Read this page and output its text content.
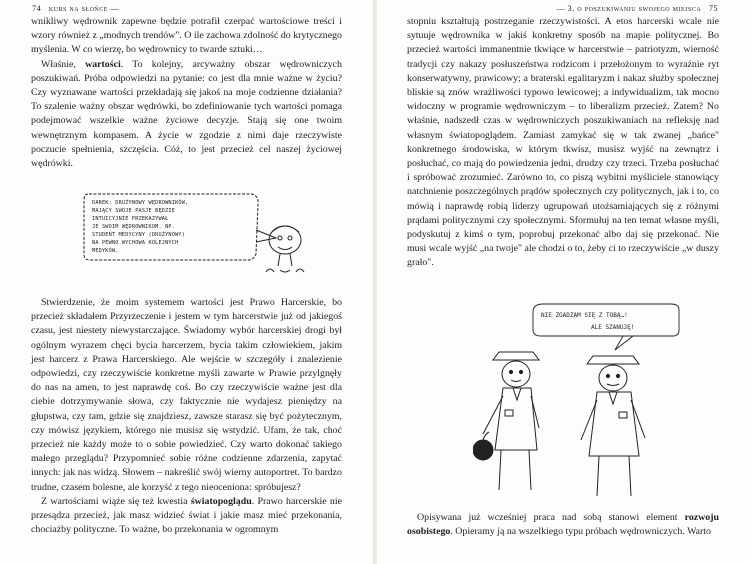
74 kurs na słońce —

wnikliwy wędrownik zapewne będzie potrafił czerpać wartościowe treści i wzory również z „modnych trendów". O ile zachowa zdolność do krytycznego myślenia. W co wierzę, bo wędrownicy to twarde sztuki…

Właśnie, wartości. To kolejny, arcyważny obszar wędrowniczych poszukiwań. Próba odpowiedzi na pytanie: co jest dla mnie ważne w życiu? Czy wyznawane wartości przekładają się jakoś na moje codzienne działania? To szalenie ważny obszar wędrówki, bo zdefiniowanie tych wartości pomaga podejmować wszelkie ważne życiowe decyzje. Stają się one twoim wewnętrznym kompasem. A życie w zgodzie z nimi daje rzeczywiste poczucie spełnienia, szczęścia. Cóż, to jest przecież cel naszej życiowej wędrówki.

DAREK: DRUŻYNOWY WĘDROWNIKÓW,
MAJĄCY SWOJE PASJE BĘDZIE
INTUICYJNIE PRZEKAZYWAŁ
JE SWOIM WĘDROWNIKOM. NP.
STUDENT MEDYCYNY (DRUŻYNOWY)
NA PEWNO WYCHOWA KOLEJNYCH
MEDYKÓW.

Stwierdzenie, że moim systemem wartości jest Prawo Harcerskie, bo przecież składałem Przyrzeczenie i jestem w tym harcerstwie już od jakiegoś czasu, jest niestety niewystarczające. Świadomy wybór harcerskiej drogi był ogólnym wyrazem chęci bycia harcerzem, bycia takim człowiekiem, jakim jest harcerz z Prawa Harcerskiego. Ale wejście w szczegóły i znalezienie odpowiedzi, czy rzeczywiście konkretne myśli zawarte w Prawie przylgnęły do nas na amen, to jest naprawdę coś. Bo czy rzeczywiście ważne jest dla ciebie dotrzymywanie słowa, czy faktycznie nie wydajesz pieniędzy na głupstwa, czy tam, gdzie się znajdziesz, zawsze starasz się być pożytecznym, czy mówisz językiem, którego nie musisz się wstydzić. Ufam, że tak, choć przecież nie każdy może to o sobie powiedzieć. Czy warto dokonać takiego małego przeglądu? Przypomnieć sobie różne codzienne zdarzenia, zapytać innych: jak nas widzą. Słowem – nakreślić swój wierny autoportret. To bardzo trudne, czasem bolesne, ale korzyść z tego nieoceniona: spróbujesz?

Z wartościami wiąże się też kwestia światopoglądu. Prawo harcerskie nie przesądza przecież, jak masz widzieć świat i jakie masz mieć przekonania, chociażby polityczne. To ważne, bo przekonania w ogromnym

— 3. o poszukiwaniu swojego miejsca 75

stopniu kształtują postrzeganie rzeczywistości. A etos harcerski wcale nie sytuuje wędrownika w jakiś konkretny sposób na mapie politycznej. Bo przecież wartości immanentnie tkwiące w harcerstwie – patriotyzm, wierność tradycji czy nakazy posłuszeństwa rodzicom i przełożonym to wyraźnie ryt konserwatywny, prawicowy; a braterski egalitaryzm i nakaz służby społecznej bliskie są znów wrażliwości typowo lewicowej; a indywidualizm, tak mocno widoczny w programie wędrowniczym – to liberalizm przecież. Zatem? No właśnie, nadszedł czas w wędrowniczych poszukiwaniach na refleksję nad własnym światopoglądem. Zamiast zamykać się w tak zwanej „bańce" konkretnego środowiska, w którym tkwisz, musisz wyjść na zewnątrz i posłuchać, co mają do powiedzenia jedni, drudzy czy trzeci. Trzeba posłuchać i spróbować zrozumieć. Zarówno to, co piszą wybitni myśliciele stanowiący natchnienie poszczególnych prądów społecznych czy politycznych, jak i to, co mówią i naprawdę robią liderzy ugrupowań utożsamiających się z różnymi prądami politycznymi czy społecznymi. Sformułuj na ten temat własne myśli, podyskutuj z kimś o tym, poprobuj przekonać albo daj się przekonać. Nie musi wcale wyjść „na twoje" ale chodzi o to, żeby ci to rzeczywiście „w duszy grało".

NIE ZGADZAM SIĘ Z TOBĄ…!
ALE SZANUJĘ!

Opisywana już wcześniej praca nad sobą stanowi element rozwoju osobistego. Opieramy ją na wszelkiego typu próbach wędrowniczych. Warto
